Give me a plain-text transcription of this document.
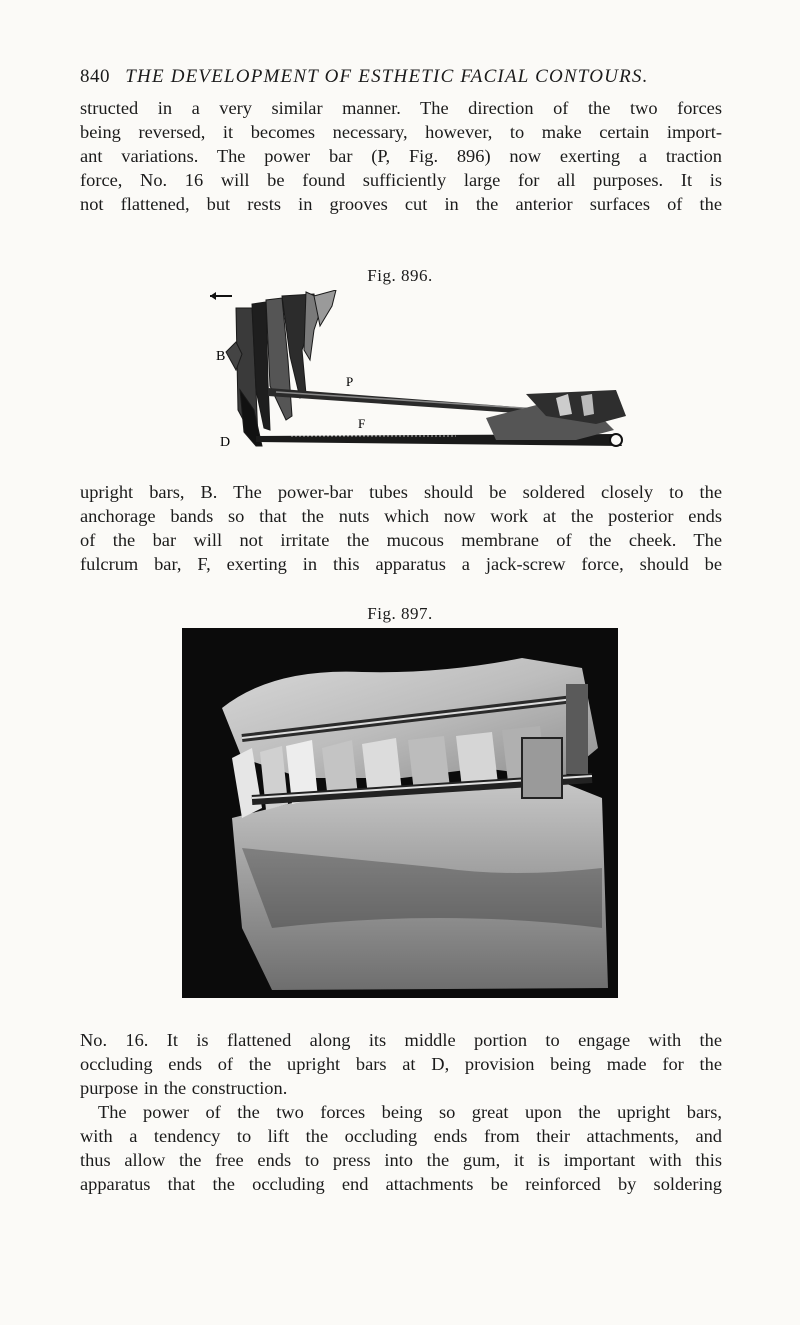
840 THE DEVELOPMENT OF ESTHETIC FACIAL CONTOURS.

structed in a very similar manner. The direction of the two forces
being reversed, it becomes necessary, however, to make certain import-
ant variations. The power bar (P, Fig. 896) now exerting a traction
force, No. 16 will be found sufficiently large for all purposes. It is
not flattened, but rests in grooves cut in the anterior surfaces of the

Fig. 896.
B
P
F
D

upright bars, B. The power-bar tubes should be soldered closely to the
anchorage bands so that the nuts which now work at the posterior ends
of the bar will not irritate the mucous membrane of the cheek. The
fulcrum bar, F, exerting in this apparatus a jack-screw force, should be

Fig. 897.

No. 16. It is flattened along its middle portion to engage with the
occluding ends of the upright bars at D, provision being made for the
purpose in the construction.

The power of the two forces being so great upon the upright bars,
with a tendency to lift the occluding ends from their attachments, and
thus allow the free ends to press into the gum, it is important with this
apparatus that the occluding end attachments be reinforced by soldering
